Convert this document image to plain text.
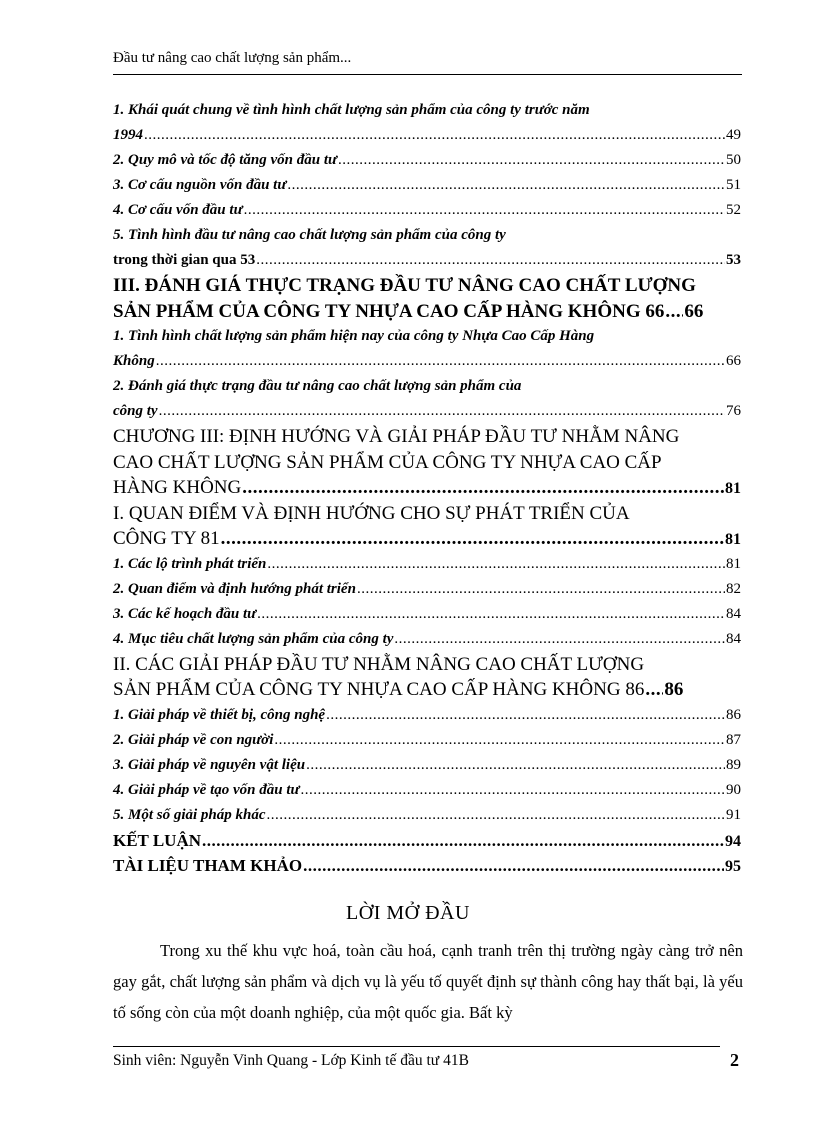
Đầu tư nâng cao chất lượng sản phẩm...
1. Khái quát chung về tình hình chất lượng sản phẩm của công ty trước năm
1994 .....	49
2. Quy mô và tốc độ tăng vốn đầu tư .....	50
3. Cơ cấu nguồn vốn đầu tư .....	51
4. Cơ cấu vốn đầu tư .....	52
5. Tình hình đầu tư nâng cao chất lượng sản phẩm của công ty
trong thời gian qua 53 .....	53
III. ĐÁNH GIÁ THỰC TRẠNG ĐẦU TƯ NÂNG CAO CHẤT LƯỢNG
SẢN PHẨM CỦA CÔNG TY NHỰA CAO CẤP HÀNG KHÔNG 66 ..... 66
1. Tình hình chất lượng sản phẩm hiện nay của công ty Nhựa Cao Cấp Hàng
Không .....	66
2. Đánh giá thực trạng đầu tư nâng cao chất lượng sản phẩm của
công ty .....	76
CHƯƠNG III: ĐỊNH HƯỚNG VÀ GIẢI PHÁP ĐẦU TƯ NHẰM NÂNG
CAO CHẤT LƯỢNG SẢN PHẨM CỦA CÔNG TY NHỰA CAO CẤP
HÀNG KHÔNG .....	81
I. QUAN ĐIỂM VÀ ĐỊNH HƯỚNG CHO SỰ PHÁT TRIỂN CỦA
CÔNG TY 81 .....	81
1. Các lộ trình phát triển .....	81
2. Quan điểm và định hướng phát triển .....	82
3. Các kế hoạch đầu tư .....	84
4. Mục tiêu chất lượng sản phẩm của công ty .....	84
II. CÁC GIẢI PHÁP ĐẦU TƯ NHẰM NÂNG CAO CHẤT LƯỢNG
SẢN PHẨM CỦA CÔNG TY NHỰA CAO CẤP HÀNG KHÔNG 86 ..... 86
1. Giải pháp về thiết bị, công nghệ .....	86
2. Giải pháp về con người .....	87
3. Giải pháp về nguyên vật liệu .....	89
4. Giải pháp về tạo vốn đầu tư .....	90
5. Một số giải pháp khác .....	91
KẾT LUẬN .....	94
TÀI LIỆU THAM KHẢO .....	95
LỜI MỞ ĐẦU
Trong xu thế khu vực hoá, toàn cầu hoá, cạnh tranh trên thị trường ngày càng trở nên gay gắt, chất lượng sản phẩm và dịch vụ là yếu tố quyết định sự thành công hay thất bại, là yếu tố sống còn của một doanh nghiệp, của một quốc gia. Bất kỳ
Sinh viên: Nguyễn Vinh Quang - Lớp Kinh tế đầu tư 41B	2
